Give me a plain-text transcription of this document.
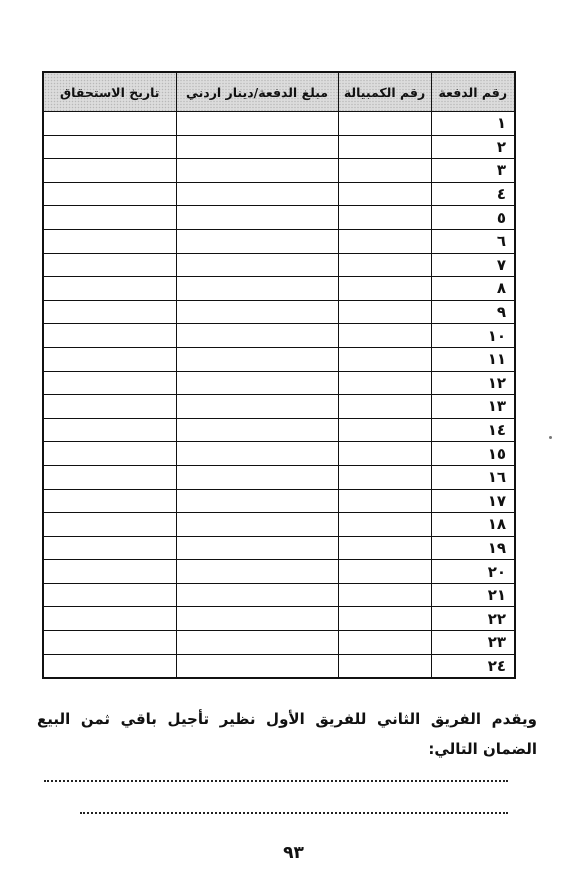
رقم الدفعة	رقم الكمبيالة	مبلغ الدفعة/دينار اردني	تاريخ الاستحقاق
١			
٢			
٣			
٤			
٥			
٦			
٧			
٨			
٩			
١٠			
١١			
١٢			
١٣			
١٤			
١٥			
١٦			
١٧			
١٨			
١٩			
٢٠			
٢١			
٢٢			
٢٣			
٢٤			
ويقدم الفريق الثاني للفريق الأول نظير تأجيل باقي ثمن البيع الضمان التالي:
٩٣
